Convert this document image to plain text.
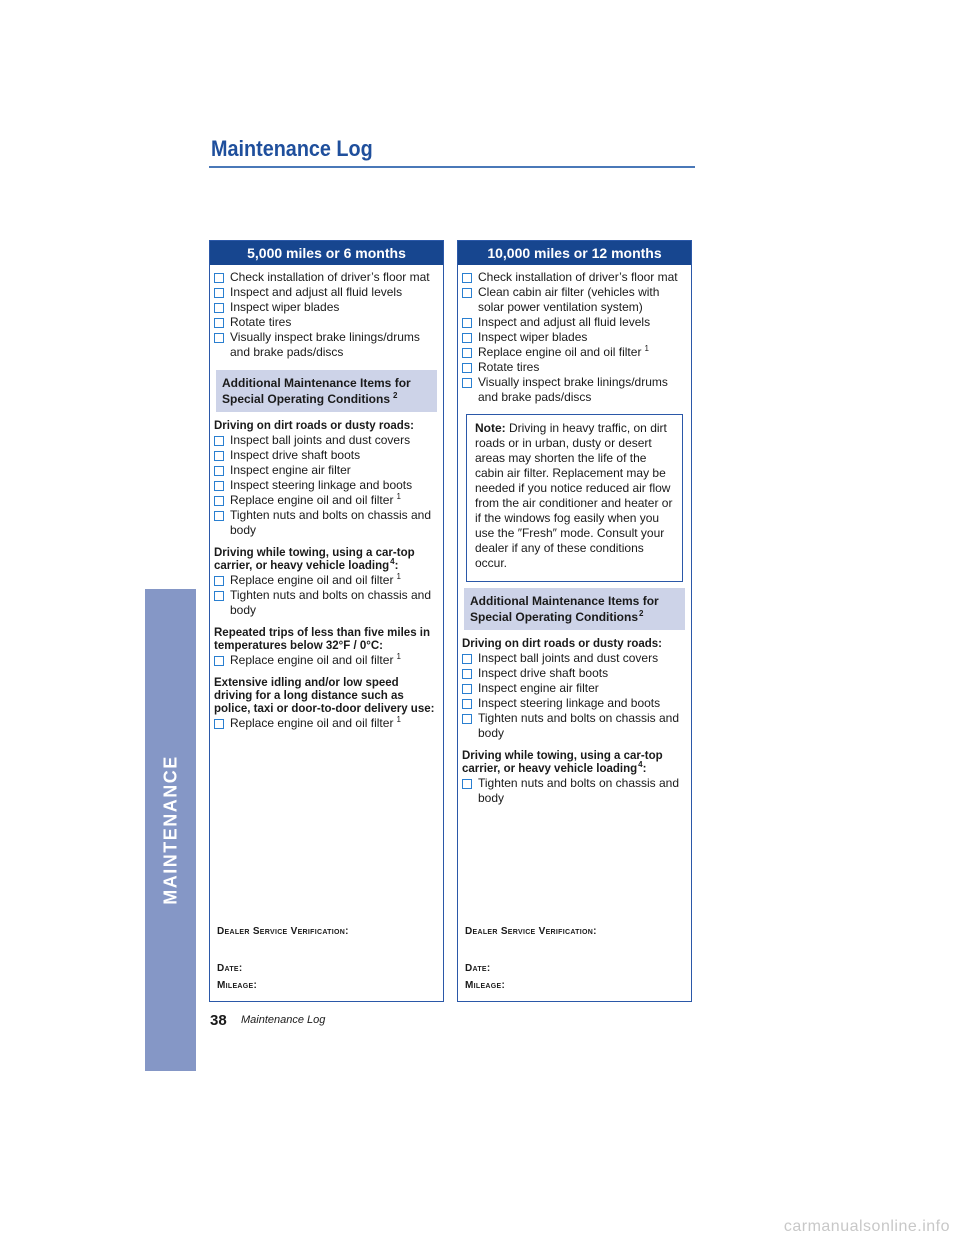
Maintenance Log
MAINTENANCE
5,000 miles or 6 months
Check installation of driver’s floor mat
Inspect and adjust all fluid levels
Inspect wiper blades
Rotate tires
Visually inspect brake linings/drums and brake pads/discs
Additional Maintenance Items for Special Operating Conditions $^2$
Driving on dirt roads or dusty roads:
Inspect ball joints and dust covers
Inspect drive shaft boots
Inspect engine air filter
Inspect steering linkage and boots
Replace engine oil and oil filter $^1$
Tighten nuts and bolts on chassis and body
Driving while towing, using a car-top carrier, or heavy vehicle loading$^4$:
Replace engine oil and oil filter $^1$
Tighten nuts and bolts on chassis and body
Repeated trips of less than five miles in temperatures below 32°F / 0°C:
Replace engine oil and oil filter $^1$
Extensive idling and/or low speed driving for a long distance such as police, taxi or door-to-door delivery use:
Replace engine oil and oil filter $^1$
Dealer Service Verification:
Date:
Mileage:
10,000 miles or 12 months
Check installation of driver’s floor mat
Clean cabin air filter (vehicles with solar power ventilation system)
Inspect and adjust all fluid levels
Inspect wiper blades
Replace engine oil and oil filter $^1$
Rotate tires
Visually inspect brake linings/drums and brake pads/discs
Note: Driving in heavy traffic, on dirt roads or in urban, dusty or desert areas may shorten the life of the cabin air filter. Replacement may be needed if you notice reduced air flow from the air conditioner and heater or if the windows fog easily when you use the ″Fresh″ mode. Consult your dealer if any of these conditions occur.
Additional Maintenance Items for Special Operating Conditions$^2$
Driving on dirt roads or dusty roads:
Inspect ball joints and dust covers
Inspect drive shaft boots
Inspect engine air filter
Inspect steering linkage and boots
Tighten nuts and bolts on chassis and body
Driving while towing, using a car-top carrier, or heavy vehicle loading$^4$:
Tighten nuts and bolts on chassis and body
Dealer Service Verification:
Date:
Mileage:
38 Maintenance Log
carmanualsonline.info
